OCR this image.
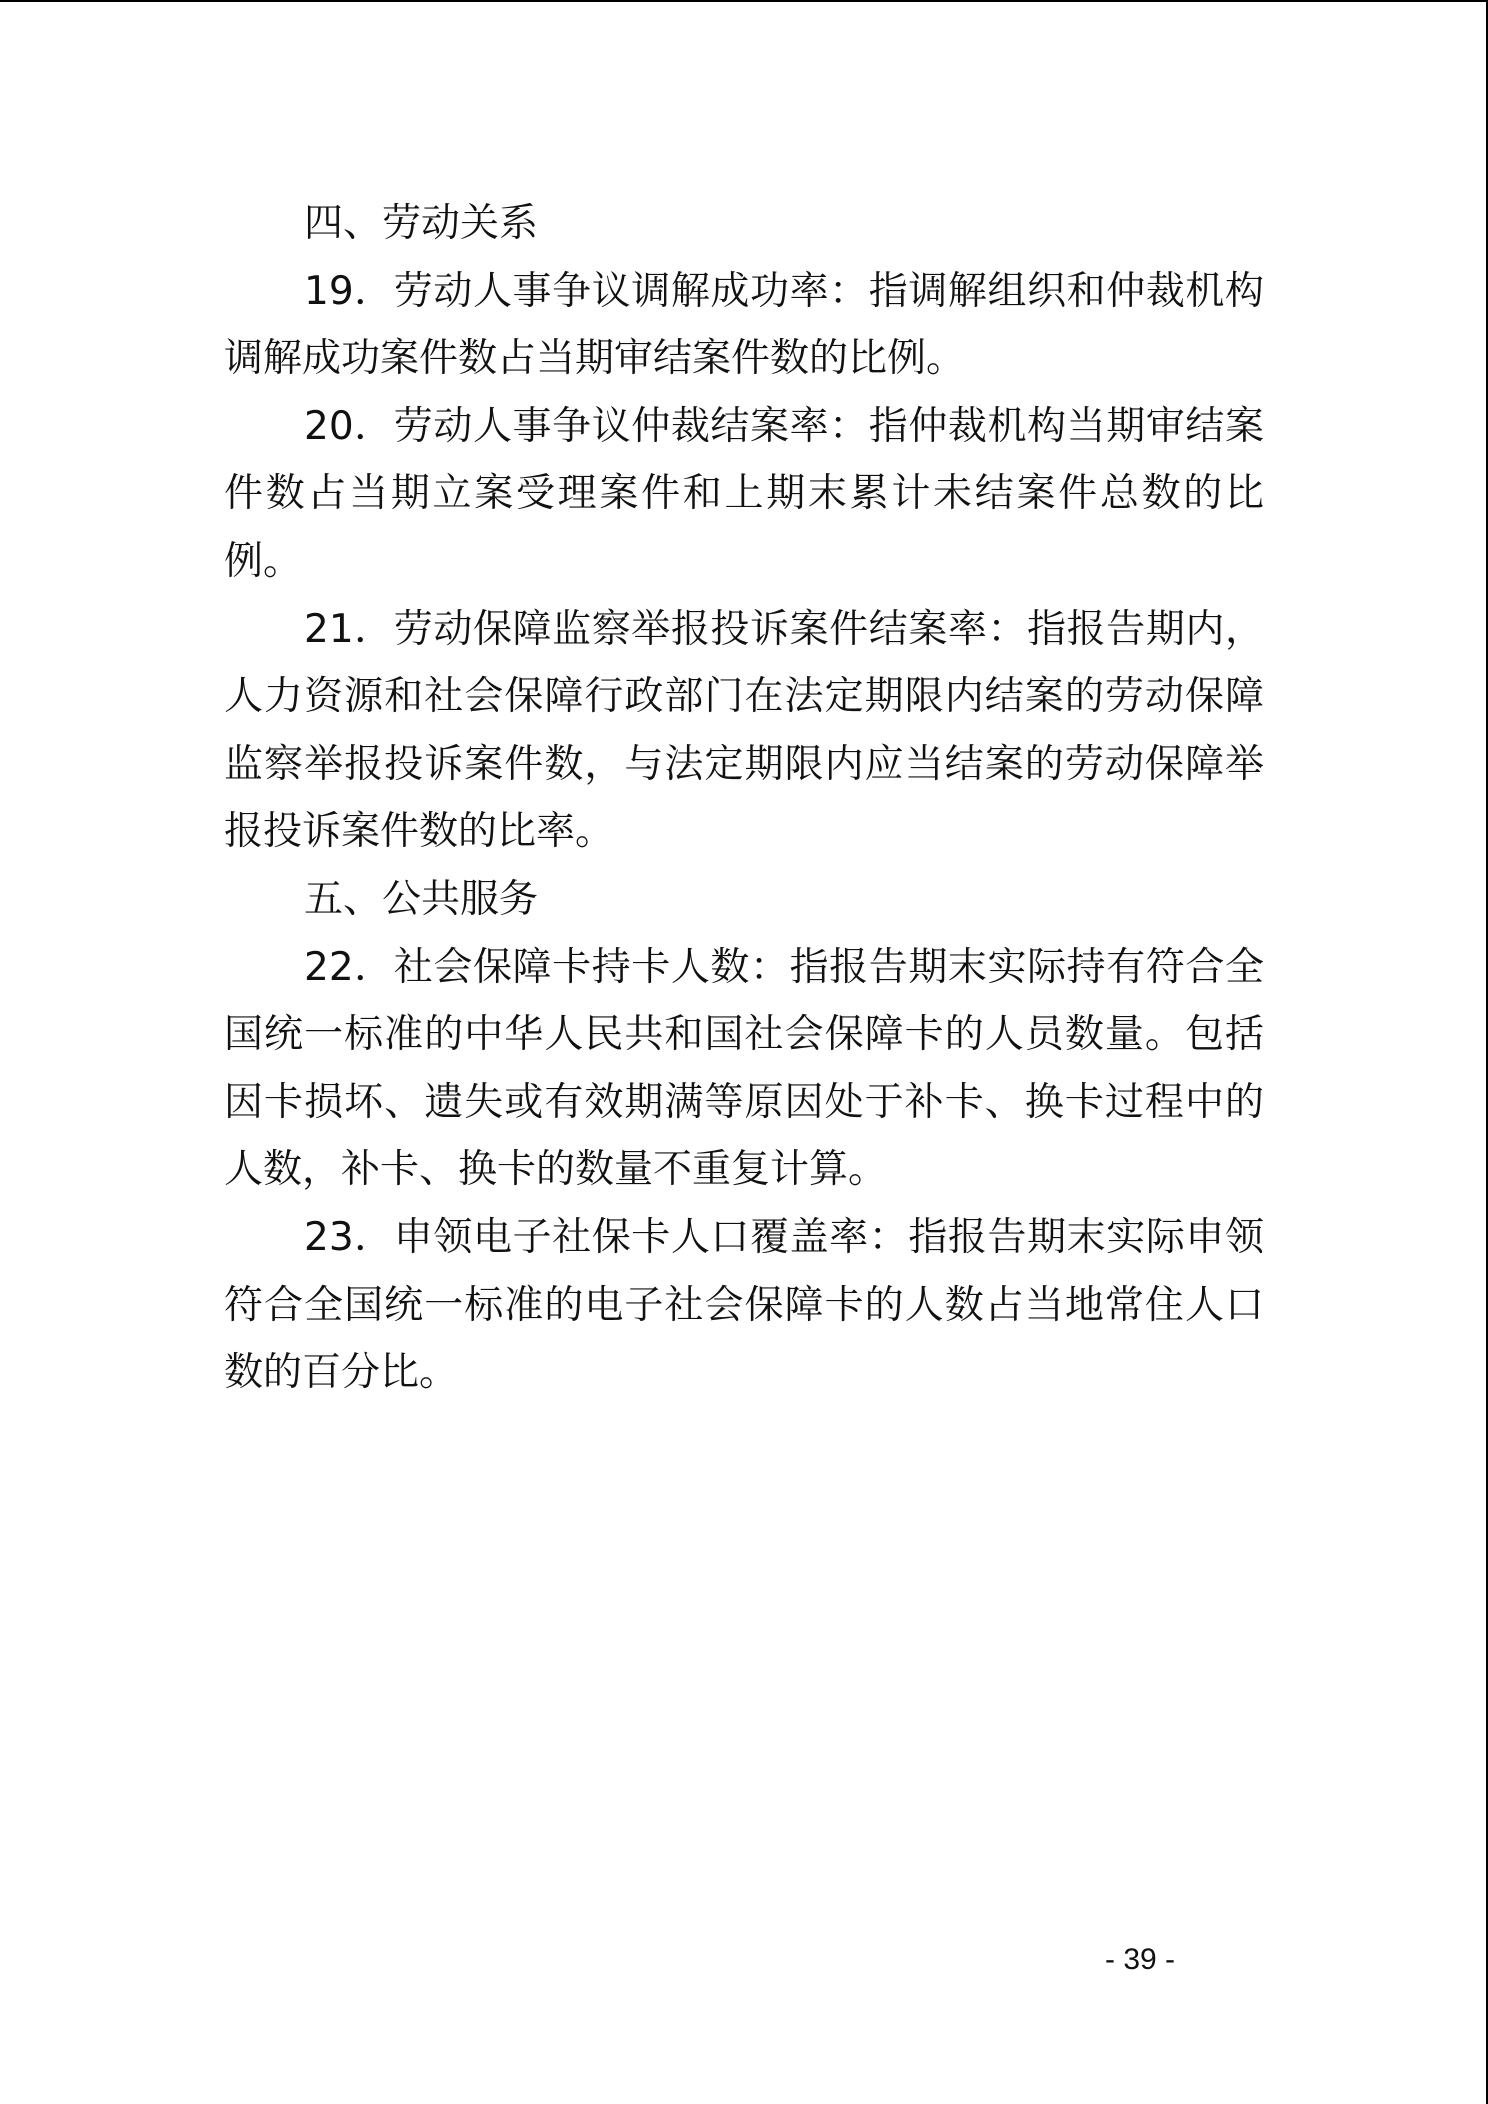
四、劳动关系

19．劳动人事争议调解成功率：指调解组织和仲裁机构调解成功案件数占当期审结案件数的比例。

20．劳动人事争议仲裁结案率：指仲裁机构当期审结案件数占当期立案受理案件和上期末累计未结案件总数的比例。

21．劳动保障监察举报投诉案件结案率：指报告期内，人力资源和社会保障行政部门在法定期限内结案的劳动保障监察举报投诉案件数，与法定期限内应当结案的劳动保障举报投诉案件数的比率。

五、公共服务

22．社会保障卡持卡人数：指报告期末实际持有符合全国统一标准的中华人民共和国社会保障卡的人员数量。包括因卡损坏、遗失或有效期满等原因处于补卡、换卡过程中的人数，补卡、换卡的数量不重复计算。

23．申领电子社保卡人口覆盖率：指报告期末实际申领符合全国统一标准的电子社会保障卡的人数占当地常住人口数的百分比。

- 39 -
